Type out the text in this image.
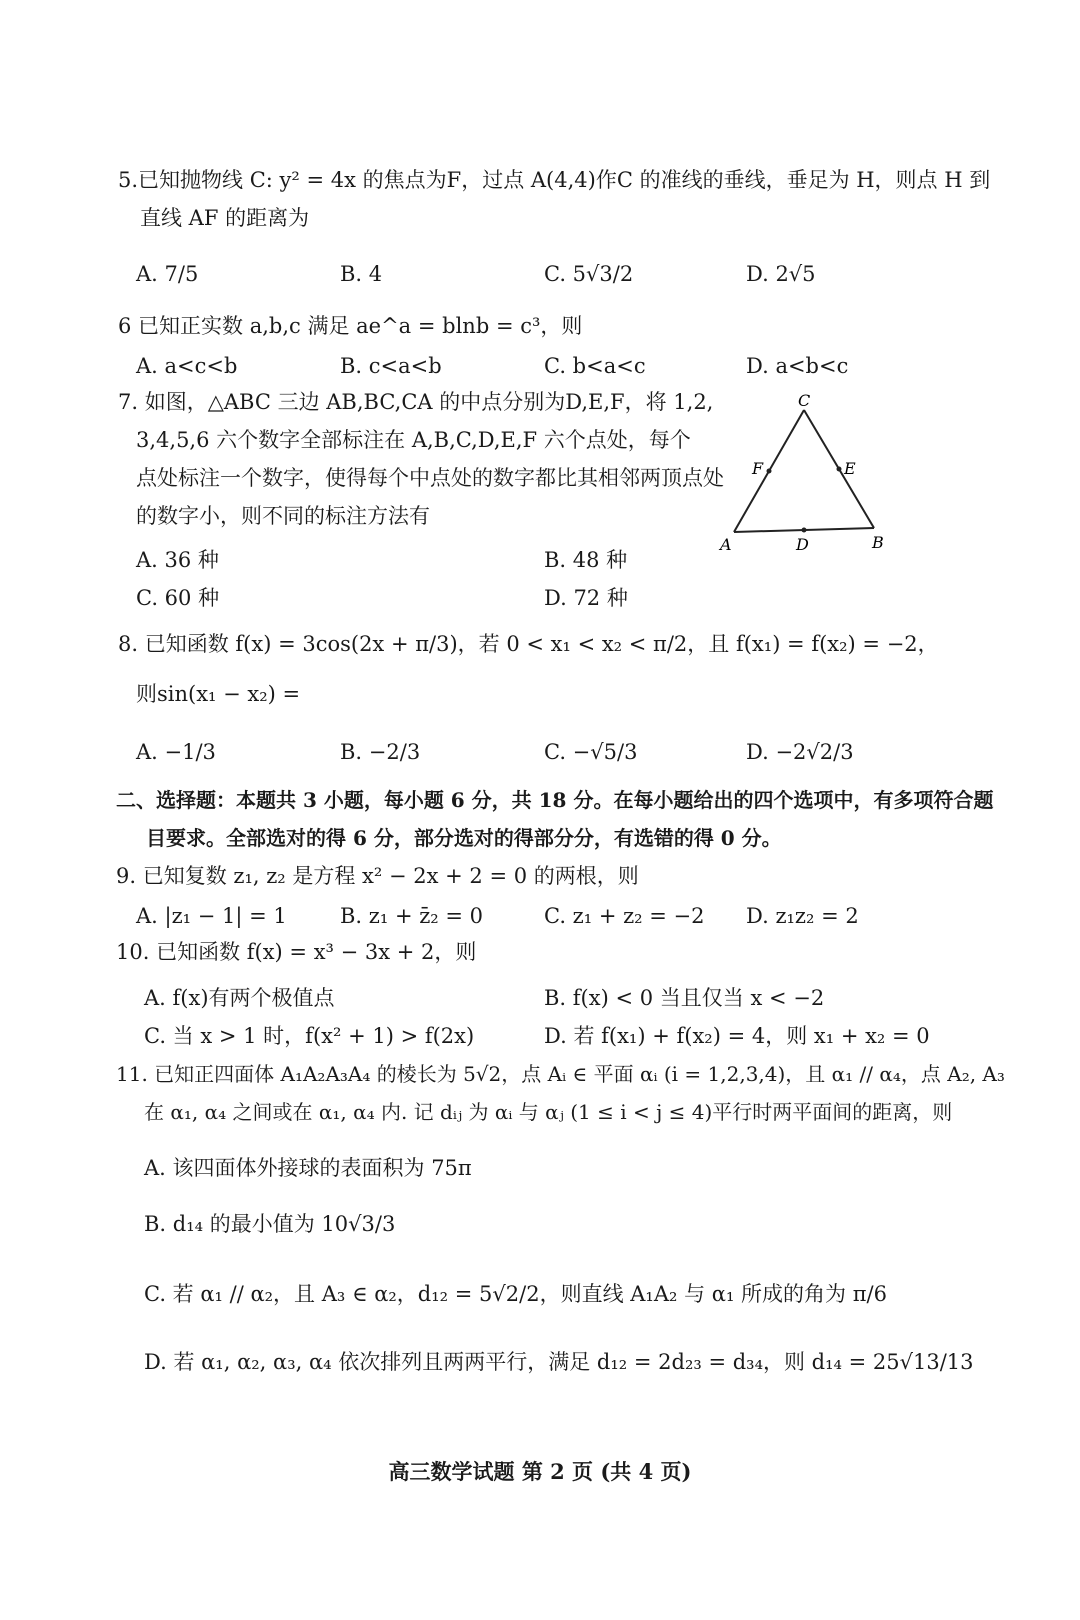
5.已知抛物线 C: y² = 4x 的焦点为F，过点 A(4,4)作C 的准线的垂线，垂足为 H，则点 H 到
直线 AF 的距离为
A. 7/5	B. 4	C. 5√3/2	D. 2√5
6 已知正实数 a,b,c 满足 ae^a = blnb = c³，则
A. a<c<b	B. c<a<b	C. b<a<c	D. a<b<c
7. 如图，△ABC 三边 AB,BC,CA 的中点分别为D,E,F，将 1,2,
3,4,5,6 六个数字全部标注在 A,B,C,D,E,F 六个点处，每个
点处标注一个数字，使得每个中点处的数字都比其相邻两顶点处
的数字小，则不同的标注方法有
A. 36 种	B. 48 种
C. 60 种	D. 72 种
C
A	B
D
F	E
8. 已知函数 f(x) = 3cos(2x + π/3)，若 0 < x₁ < x₂ < π/2，且 f(x₁) = f(x₂) = −2，
则sin(x₁ − x₂) =
A. −1/3	B. −2/3	C. −√5/3	D. −2√2/3
二、选择题：本题共 3 小题，每小题 6 分，共 18 分。在每小题给出的四个选项中，有多项符合题
目要求。全部选对的得 6 分，部分选对的得部分分，有选错的得 0 分。
9. 已知复数 z₁, z₂ 是方程 x² − 2x + 2 = 0 的两根，则
A. |z₁ − 1| = 1	B. z₁ + z̄₂ = 0	C. z₁ + z₂ = −2 D. z₁z₂ = 2
10. 已知函数 f(x) = x³ − 3x + 2，则
A. f(x)有两个极值点	B. f(x) < 0 当且仅当 x < −2
C. 当 x > 1 时，f(x² + 1) > f(2x)	D. 若 f(x₁) + f(x₂) = 4，则 x₁ + x₂ = 0
11. 已知正四面体 A₁A₂A₃A₄ 的棱长为 5√2，点 Aᵢ ∈ 平面 αᵢ (i = 1,2,3,4)，且 α₁ // α₄，点 A₂, A₃
在 α₁, α₄ 之间或在 α₁, α₄ 内. 记 dᵢⱼ 为 αᵢ 与 αⱼ (1 ≤ i < j ≤ 4)平行时两平面间的距离，则
A. 该四面体外接球的表面积为 75π
B. d₁₄ 的最小值为 10√3/3
C. 若 α₁ // α₂，且 A₃ ∈ α₂，d₁₂ = 5√2/2，则直线 A₁A₂ 与 α₁ 所成的角为 π/6
D. 若 α₁, α₂, α₃, α₄ 依次排列且两两平行，满足 d₁₂ = 2d₂₃ = d₃₄，则 d₁₄ = 25√13/13
高三数学试题 第 2 页 (共 4 页)
